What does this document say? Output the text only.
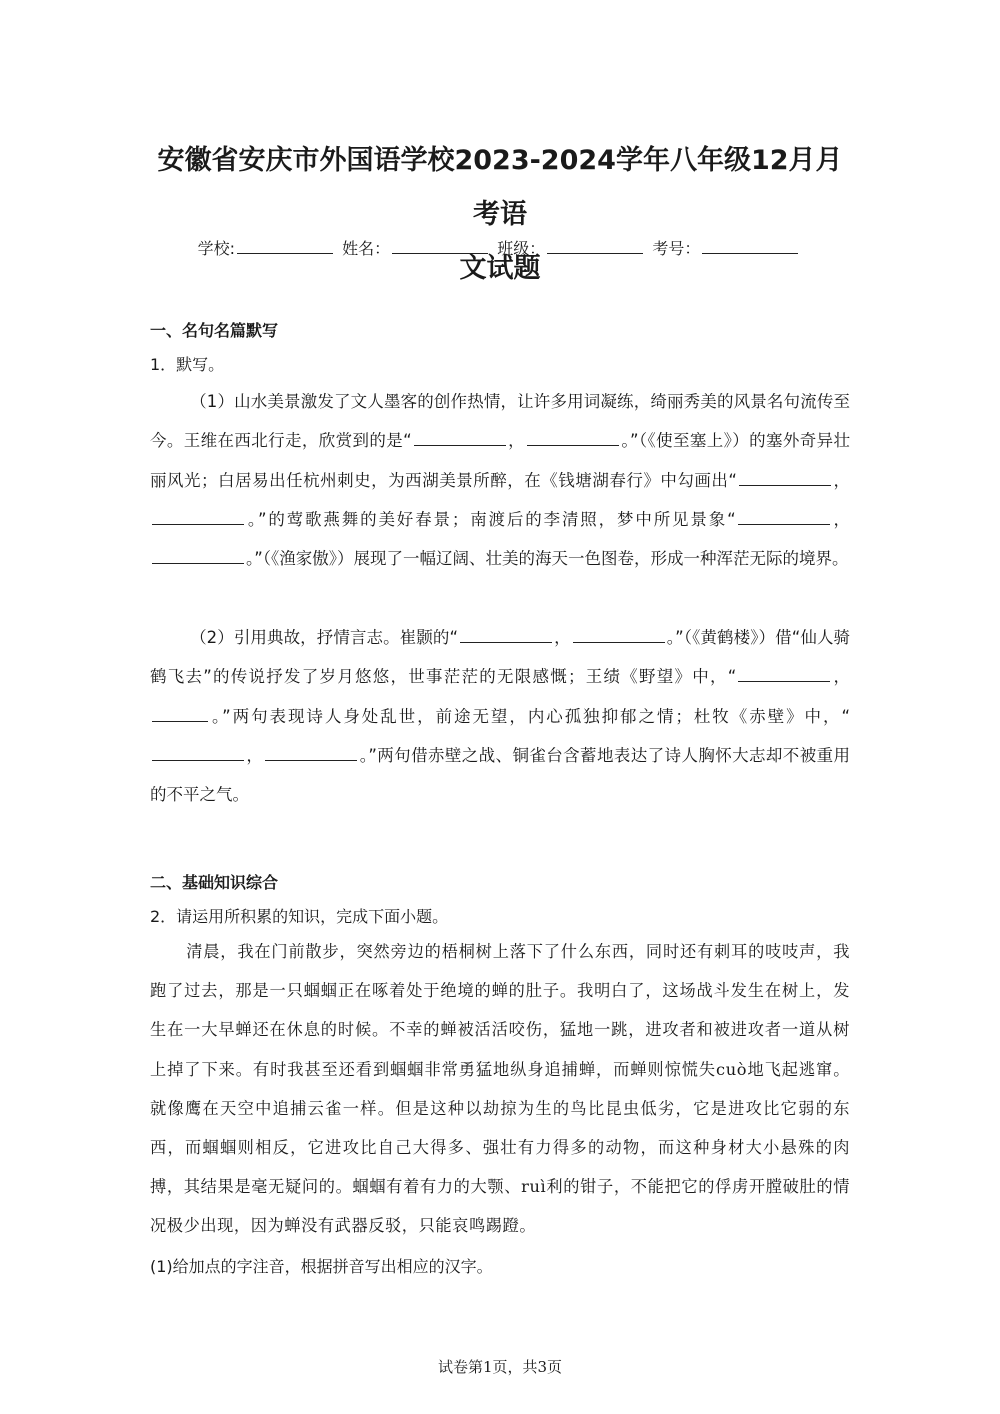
安徽省安庆市外国语学校2023-2024学年八年级12月月考语
文试题
学校:	姓名：	班级：	考号：
一、名句名篇默写
1．默写。
（1）山水美景激发了文人墨客的创作热情，让许多用词凝练，绮丽秀美的风景名句流传至今。王维在西北行走，欣赏到的是“	，	。”（《使至塞上》）的塞外奇异壮丽风光；白居易出任杭州刺史，为西湖美景所醉，在《钱塘湖春行》中勾画出“	，。”的莺歌燕舞的美好春景；南渡后的李清照，梦中所见景象“	，。”（《渔家傲》）展现了一幅辽阔、壮美的海天一色图卷，形成一种浑茫无际的境界。
（2）引用典故，抒情言志。崔颢的“	，	。”（《黄鹤楼》）借“仙人骑鹤飞去”的传说抒发了岁月悠悠，世事茫茫的无限感慨；王绩《野望》中，“	，。”两句表现诗人身处乱世，前途无望，内心孤独抑郁之情；杜牧《赤壁》中，“，	。”两句借赤壁之战、铜雀台含蓄地表达了诗人胸怀大志却不被重用的不平之气。
二、基础知识综合
2．请运用所积累的知识，完成下面小题。
清晨，我在门前散步，突然旁边的梧桐树上落下了什么东西，同时还有刺耳的吱吱声，我跑了过去，那是一只蝈蝈正在啄着处于绝境的蝉的肚子。我明白了，这场战斗发生在树上，发生在一大早蝉还在休息的时候。不幸的蝉被活活咬伤，猛地一跳，进攻者和被进攻者一道从树上掉了下来。有时我甚至还看到蝈蝈非常勇猛地纵身追捕蝉，而蝉则惊慌失cuò地飞起逃窜。就像鹰在天空中追捕云雀一样。但是这种以劫掠为生的鸟比昆虫低劣，它是进攻比它弱的东西，而蝈蝈则相反，它进攻比自己大得多、强壮有力得多的动物，而这种身材大小悬殊的肉搏，其结果是毫无疑问的。蝈蝈有着有力的大颚、ruì利的钳子，不能把它的俘虏开膛破肚的情况极少出现，因为蝉没有武器反驳，只能哀鸣踢蹬。
(1)给加点的字注音，根据拼音写出相应的汉字。
试卷第1页，共3页
